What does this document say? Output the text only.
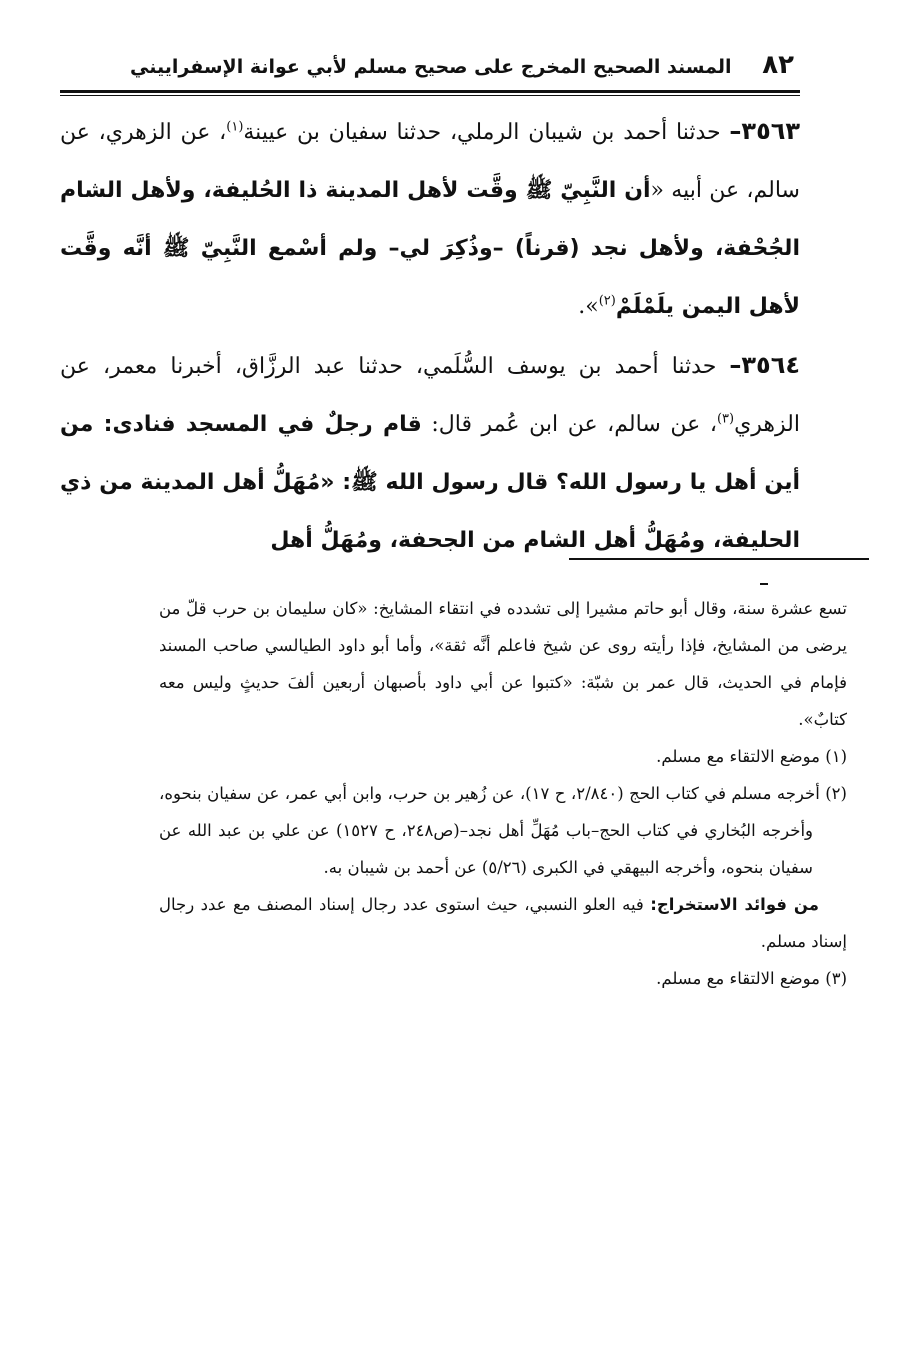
٨٢
المسند الصحيح المخرج على صحيح مسلم لأبي عوانة الإسفراييني

٣٥٦٣– حدثنا أحمد بن شيبان الرملي، حدثنا سفيان بن عيينة$^{(١)}$، عن الزهري، عن سالم، عن أبيه «أن النَّبِيّ ﷺ وقَّت لأهل المدينة ذا الحُليفة، ولأهل الشام الجُحْفة، ولأهل نجد (قرناً) –وذُكِرَ لي– ولم أسْمع النَّبِيّ ﷺ أنَّه وقَّت لأهل اليمن يلَمْلَمْ$^{(٢)}$».

٣٥٦٤– حدثنا أحمد بن يوسف السُّلَمي، حدثنا عبد الرزَّاق، أخبرنا معمر، عن الزهري$^{(٣)}$، عن سالم، عن ابن عُمر قال: قام رجلٌ في المسجد فنادى: من أين أهل يا رسول الله؟ قال رسول الله ﷺ: «مُهَلُّ أهل المدينة من ذي الحليفة، ومُهَلُّ أهل الشام من الجحفة، ومُهَلُّ أهل

تسع عشرة سنة، وقال أبو حاتم مشيرا إلى تشدده في انتقاء المشايخ: «كان سليمان بن حرب قلّ من يرضى من المشايخ، فإذا رأيته روى عن شيخ فاعلم أنَّه ثقة»، وأما أبو داود الطيالسي صاحب المسند فإمام في الحديث، قال عمر بن شبّة: «كتبوا عن أبي داود بأصبهان أربعين ألفَ حديثٍ وليس معه كتابٌ».

(١) موضع الالتقاء مع مسلم.

(٢) أخرجه مسلم في كتاب الحج (٢/٨٤٠، ح ١٧)، عن زُهير بن حرب، وابن أبي عمر، عن سفيان بنحوه، وأخرجه البُخاري في كتاب الحج–باب مُهَلِّ أهل نجد–(ص٢٤٨، ح ١٥٢٧) عن علي بن عبد الله عن سفيان بنحوه، وأخرجه البيهقي في الكبرى (٥/٢٦) عن أحمد بن شيبان به.

من فوائد الاستخراج: فيه العلو النسبي، حيث استوى عدد رجال إسناد المصنف مع عدد رجال إسناد مسلم.

(٣) موضع الالتقاء مع مسلم.
